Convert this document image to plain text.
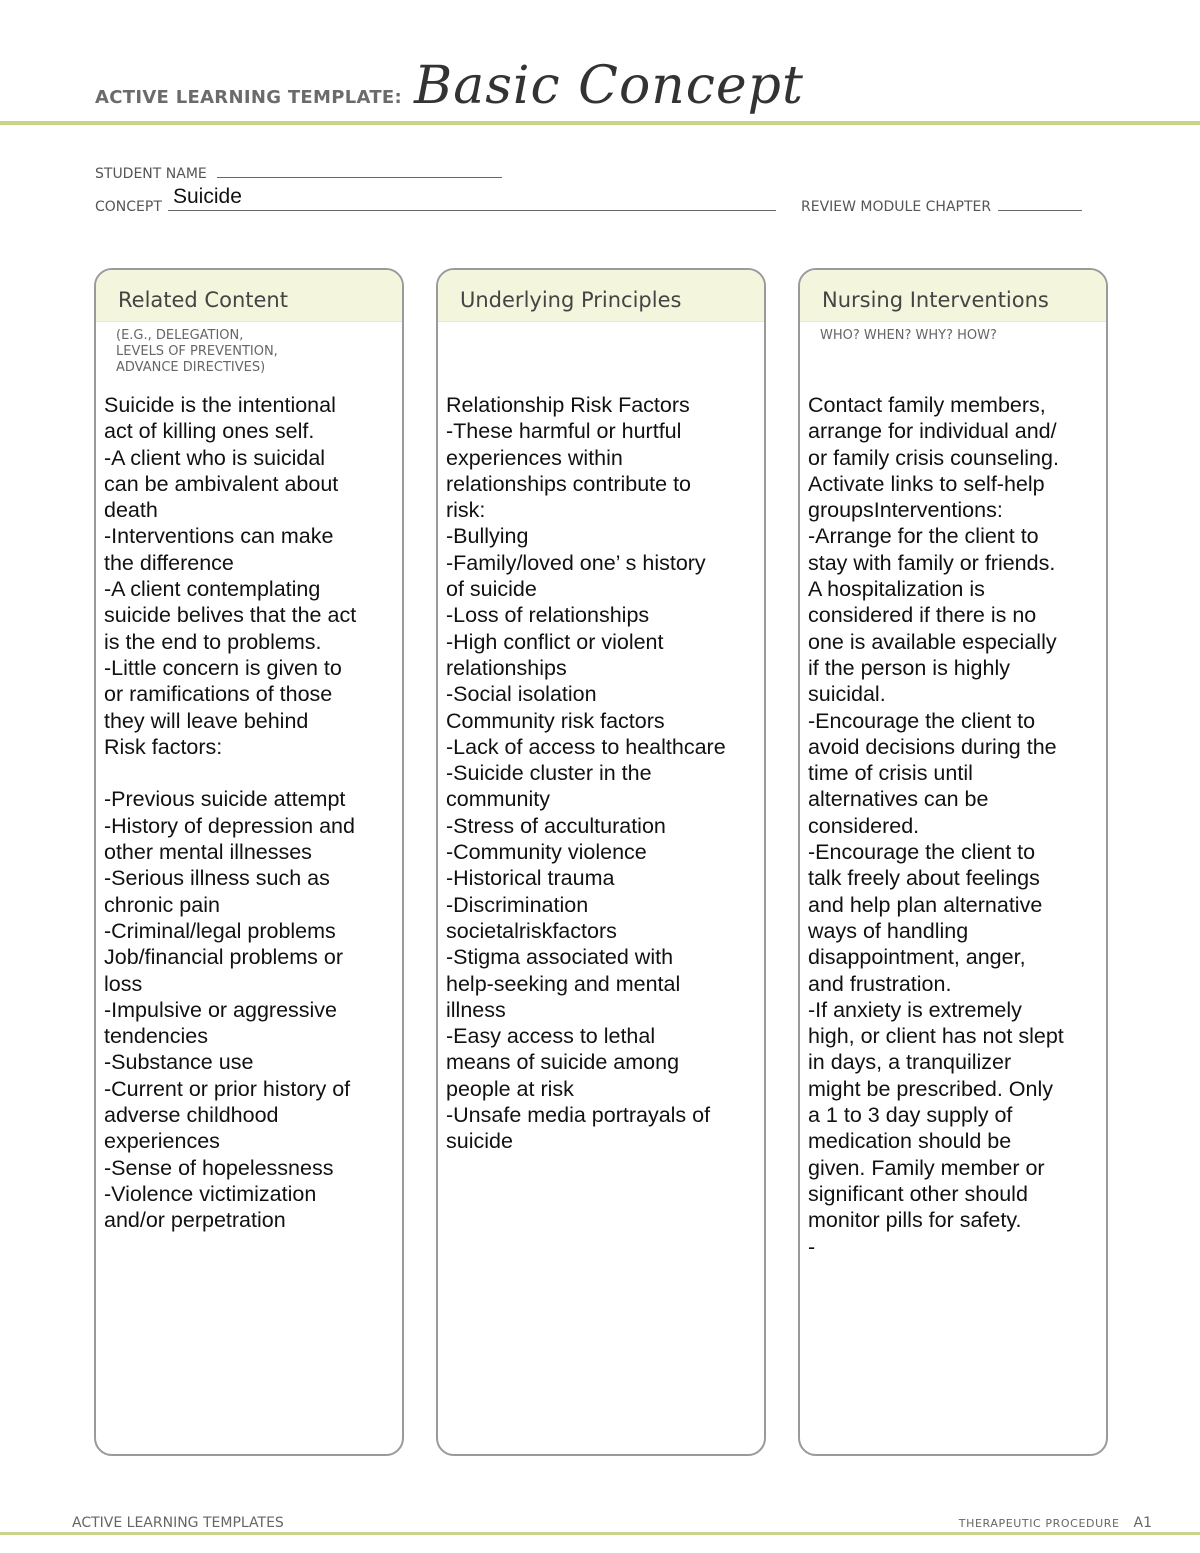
ACTIVE LEARNING TEMPLATE: Basic Concept
STUDENT NAME
CONCEPT Suicide	REVIEW MODULE CHAPTER
Related Content
(E.G., DELEGATION,
LEVELS OF PREVENTION,
ADVANCE DIRECTIVES)
Suicide is the intentional
act of killing ones self.
-A client who is suicidal
can be ambivalent about
death
-Interventions can make
the difference
-A client contemplating
suicide belives that the act
is the end to problems.
-Little concern is given to
or ramifications of those
they will leave behind
Risk factors:

-Previous suicide attempt
-History of depression and
other mental illnesses
-Serious illness such as
chronic pain
-Criminal/legal problems
Job/financial problems or
loss
-Impulsive or aggressive
tendencies
-Substance use
-Current or prior history of
adverse childhood
experiences
-Sense of hopelessness
-Violence victimization
and/or perpetration
Underlying Principles
Relationship Risk Factors
-These harmful or hurtful
experiences within
relationships contribute to
risk:
-Bullying
-Family/loved one’ s history
of suicide
-Loss of relationships
-High conflict or violent
relationships
-Social isolation
Community risk factors
-Lack of access to healthcare
-Suicide cluster in the
community
-Stress of acculturation
-Community violence
-Historical trauma
-Discrimination
societalriskfactors
-Stigma associated with
help-seeking and mental
illness
-Easy access to lethal
means of suicide among
people at risk
-Unsafe media portrayals of
suicide
Nursing Interventions
WHO? WHEN? WHY? HOW?
Contact family members,
arrange for individual and/
or family crisis counseling.
Activate links to self-help
groupsInterventions:
-Arrange for the client to
stay with family or friends.
A hospitalization is
considered if there is no
one is available especially
if the person is highly
suicidal.
-Encourage the client to
avoid decisions during the
time of crisis until
alternatives can be
considered.
-Encourage the client to
talk freely about feelings
and help plan alternative
ways of handling
disappointment, anger,
and frustration.
-If anxiety is extremely
high, or client has not slept
in days, a tranquilizer
might be prescribed. Only
a 1 to 3 day supply of
medication should be
given. Family member or
significant other should
monitor pills for safety.
-
ACTIVE LEARNING TEMPLATES	THERAPEUTIC PROCEDURE A1
